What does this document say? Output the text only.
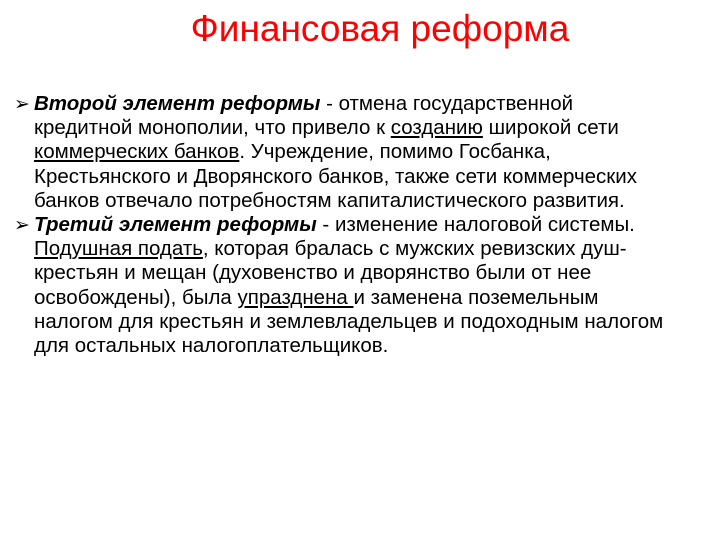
Финансовая реформа
➢ Второй элемент реформы - отмена государственной кредитной монополии, что привело к созданию широкой сети коммерческих банков. Учреждение, помимо Госбанка, Крестьянского и Дворянского банков, также сети коммерческих банков отвечало потребностям капиталистического развития.
➢ Третий элемент реформы - изменение налоговой системы. Подушная подать, которая бралась с мужских ревизских душ-крестьян и мещан (духовенство и дворянство были от нее освобождены), была упразднена и заменена поземельным налогом для крестьян и землевладельцев и подоходным налогом для остальных налогоплательщиков.
